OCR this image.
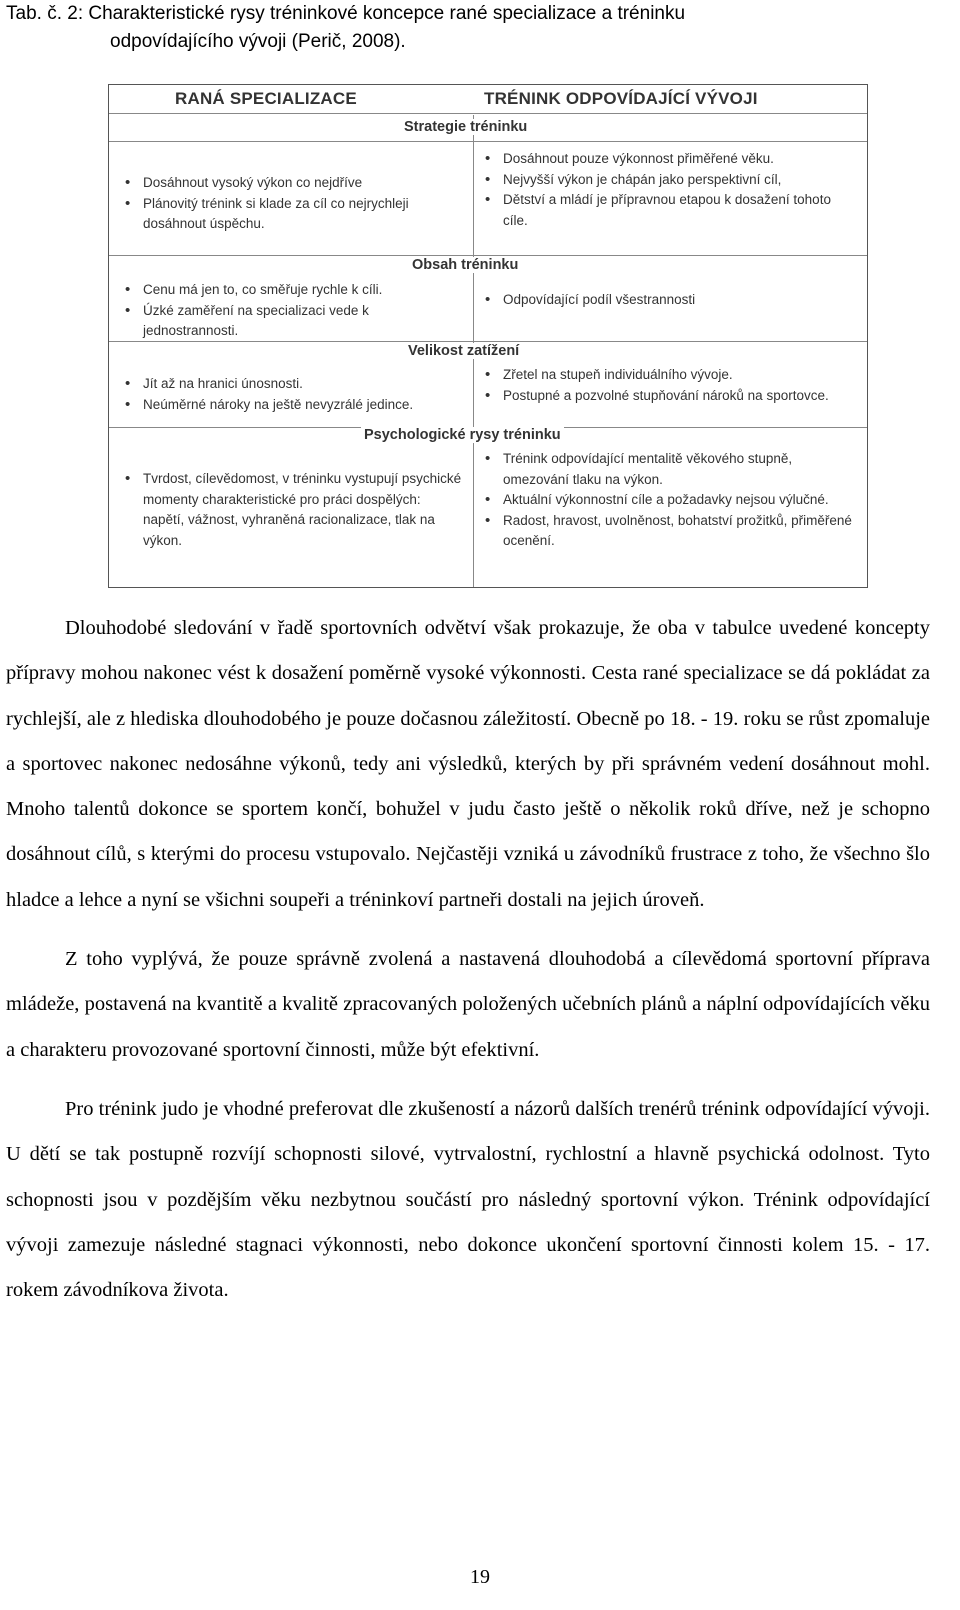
Tab. č. 2: Charakteristické rysy tréninkové koncepce rané specializace a tréninku
odpovídajícího vývoji (Perič, 2008).
RANÁ SPECIALIZACE	TRÉNINK ODPOVÍDAJÍCÍ VÝVOJI
Strategie tréninku
• Dosáhnout vysoký výkon co nejdříve
• Plánovitý trénink si klade za cíl co nejrychleji dosáhnout úspěchu.
• Dosáhnout pouze výkonnost přiměřené věku.
• Nejvyšší výkon je chápán jako perspektivní cíl,
• Dětství a mládí je přípravnou etapou k dosažení tohoto cíle.
Obsah tréninku
• Cenu má jen to, co směřuje rychle k cíli.
• Úzké zaměření na specializaci vede k jednostrannosti.
• Odpovídající podíl všestrannosti
Velikost zatížení
• Jít až na hranici únosnosti.
• Neúměrné nároky na ještě nevyzrálé jedince.
• Zřetel na stupeň individuálního vývoje.
• Postupné a pozvolné stupňování nároků na sportovce.
Psychologické rysy tréninku
• Tvrdost, cílevědomost, v tréninku vystupují psychické momenty charakteristické pro práci dospělých: napětí, vážnost, vyhraněná racionalizace, tlak na výkon.
• Trénink odpovídající mentalitě věkového stupně, omezování tlaku na výkon.
• Aktuální výkonnostní cíle a požadavky nejsou výlučné.
• Radost, hravost, uvolněnost, bohatství prožitků, přiměřené ocenění.

Dlouhodobé sledování v řadě sportovních odvětví však prokazuje, že oba v tabulce uvedené koncepty přípravy mohou nakonec vést k dosažení poměrně vysoké výkonnosti. Cesta rané specializace se dá pokládat za rychlejší, ale z hlediska dlouhodobého je pouze dočasnou záležitostí. Obecně po 18. - 19. roku se růst zpomaluje a sportovec nakonec nedosáhne výkonů, tedy ani výsledků, kterých by při správném vedení dosáhnout mohl. Mnoho talentů dokonce se sportem končí, bohužel v judu často ještě o několik roků dříve, než je schopno dosáhnout cílů, s kterými do procesu vstupovalo. Nejčastěji vzniká u závodníků frustrace z toho, že všechno šlo hladce a lehce a nyní se všichni soupeři a tréninkoví partneři dostali na jejich úroveň.

Z toho vyplývá, že pouze správně zvolená a nastavená dlouhodobá a cílevědomá sportovní příprava mládeže, postavená na kvantitě a kvalitě zpracovaných položených učebních plánů a náplní odpovídajících věku a charakteru provozované sportovní činnosti, může být efektivní.

Pro trénink judo je vhodné preferovat dle zkušeností a názorů dalších trenérů trénink odpovídající vývoji. U dětí se tak postupně rozvíjí schopnosti silové, vytrvalostní, rychlostní a hlavně psychická odolnost. Tyto schopnosti jsou v pozdějším věku nezbytnou součástí pro následný sportovní výkon. Trénink odpovídající vývoji zamezuje následné stagnaci výkonnosti, nebo dokonce ukončení sportovní činnosti kolem 15. - 17. rokem závodníkova života.

19
